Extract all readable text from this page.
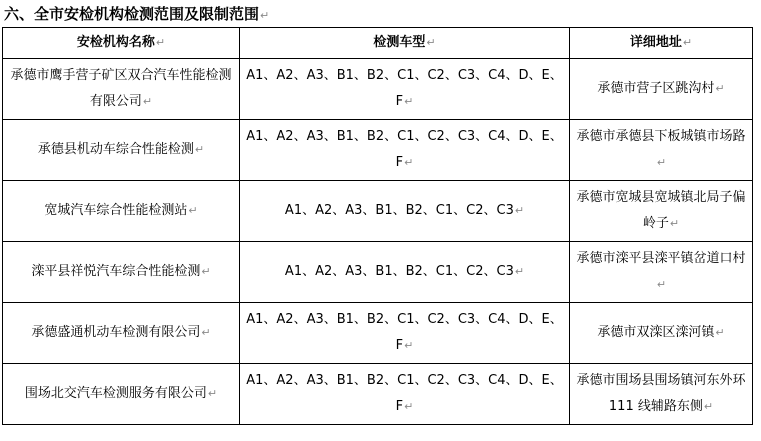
六、全市安检机构检测范围及限制范围↵
安检机构名称↵	检测车型↵	详细地址↵
承德市鹰手营子矿区双合汽车性能检测有限公司↵	A1、A2、A3、B1、B2、C1、C2、C3、C4、D、E、F↵	承德市营子区跳沟村↵
承德县机动车综合性能检测↵	A1、A2、A3、B1、B2、C1、C2、C3、C4、D、E、F↵	承德市承德县下板城镇市场路↵
宽城汽车综合性能检测站↵	A1、A2、A3、B1、B2、C1、C2、C3↵	承德市宽城县宽城镇北局子偏岭子↵
滦平县祥悦汽车综合性能检测↵	A1、A2、A3、B1、B2、C1、C2、C3↵	承德市滦平县滦平镇岔道口村↵
承德盛通机动车检测有限公司↵	A1、A2、A3、B1、B2、C1、C2、C3、C4、D、E、F↵	承德市双滦区滦河镇↵
围场北交汽车检测服务有限公司↵	A1、A2、A3、B1、B2、C1、C2、C3、C4、D、E、F↵	承德市围场县围场镇河东外环 111 线辅路东侧↵
